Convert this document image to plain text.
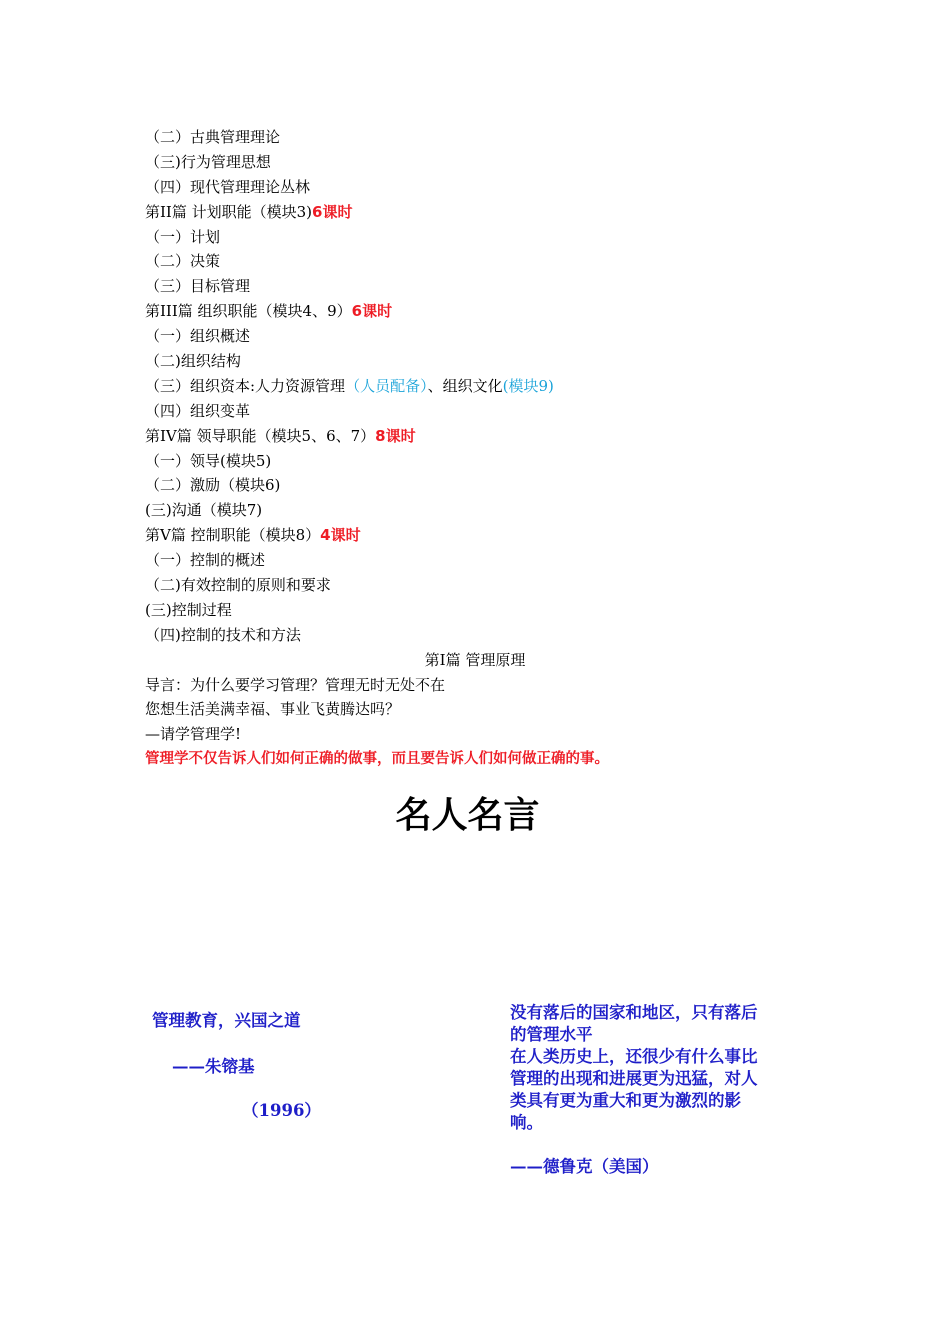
（二）古典管理理论
（三)行为管理思想
（四）现代管理理论丛林
第II篇 计划职能（模块3)6课时
（一）计划
（二）决策
（三）目标管理
第III篇 组织职能（模块4、9）6课时
（一）组织概述
（二)组织结构
（三）组织资本:人力资源管理（人员配备）、组织文化(模块9)
（四）组织变革
第IV篇 领导职能（模块5、6、7）8课时
（一）领导(模块5)
（二）激励（模块6)
(三)沟通（模块7)
第V篇 控制职能（模块8）4课时
（一）控制的概述
（二)有效控制的原则和要求
(三)控制过程
（四)控制的技术和方法
第I篇 管理原理
导言：为什么要学习管理？管理无时无处不在
您想生活美满幸福、事业飞黄腾达吗？
—请学管理学!
管理学不仅告诉人们如何正确的做事，而且要告诉人们如何做正确的事。
名人名言
管理教育，兴国之道
——朱镕基
（1996）
没有落后的国家和地区，只有落后
的管理水平
在人类历史上，还很少有什么事比
管理的出现和进展更为迅猛，对人
类具有更为重大和更为激烈的影
响。
——德鲁克（美国）
